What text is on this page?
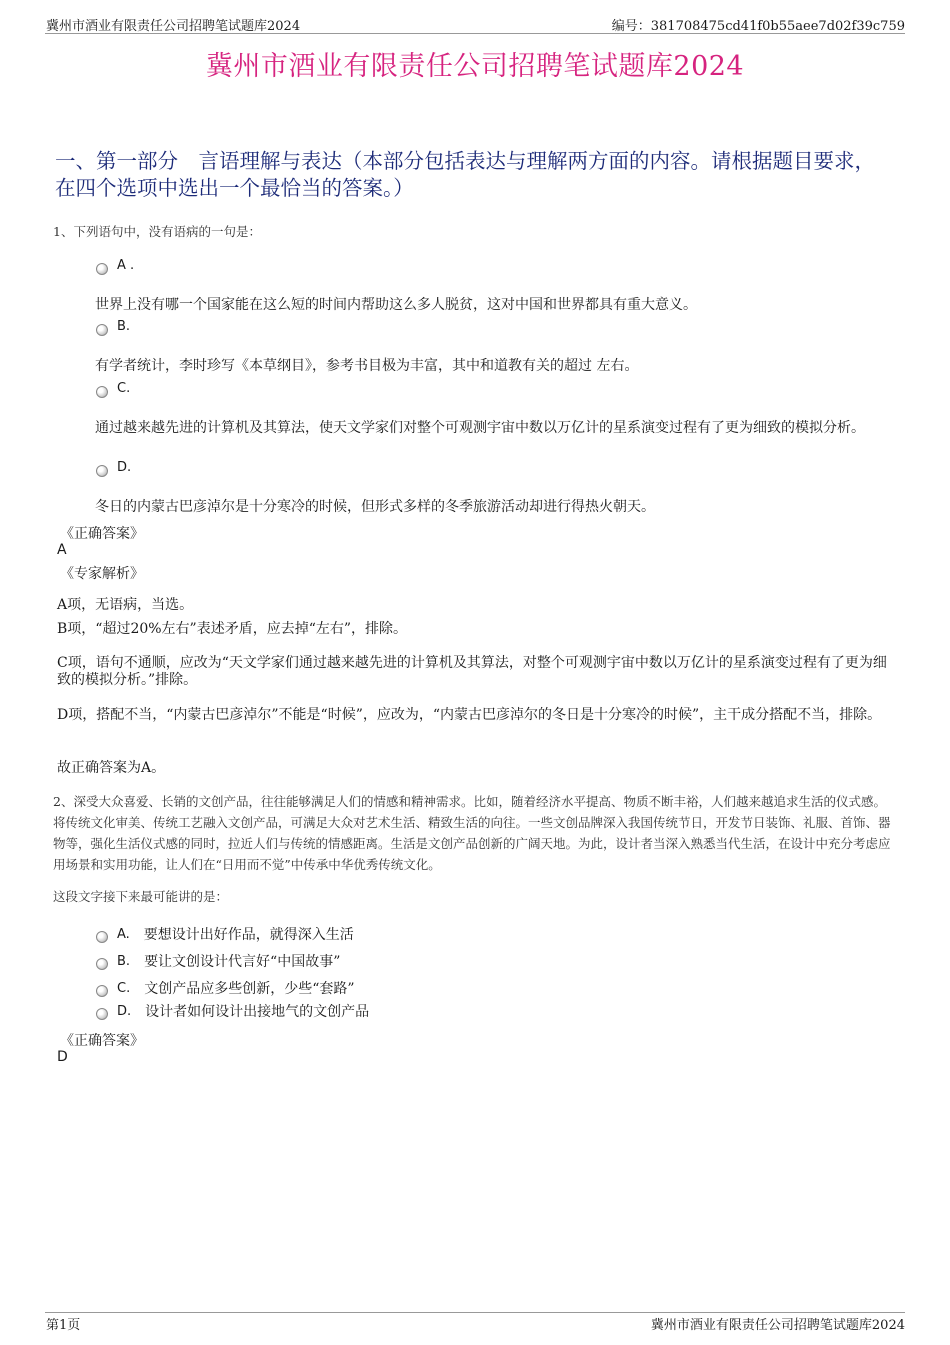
冀州市酒业有限责任公司招聘笔试题库2024	编号：381708475cd41f0b55aee7d02f39c759
冀州市酒业有限责任公司招聘笔试题库2024
一、第一部分　言语理解与表达（本部分包括表达与理解两方面的内容。请根据题目要求，在四个选项中选出一个最恰当的答案。）
1、下列语句中，没有语病的一句是：
A .
世界上没有哪一个国家能在这么短的时间内帮助这么多人脱贫，这对中国和世界都具有重大意义。
B.
有学者统计，李时珍写《本草纲目》，参考书目极为丰富，其中和道教有关的超过 左右。
C.
通过越来越先进的计算机及其算法，使天文学家们对整个可观测宇宙中数以万亿计的星系演变过程有了更为细致的模拟分析。
D.
冬日的内蒙古巴彦淖尔是十分寒冷的时候，但形式多样的冬季旅游活动却进行得热火朝天。
《正确答案》
A
《专家解析》
A项，无语病，当选。
B项，“超过20%左右”表述矛盾，应去掉“左右”，排除。
C项，语句不通顺，应改为“天文学家们通过越来越先进的计算机及其算法，对整个可观测宇宙中数以万亿计的星系演变过程有了更为细致的模拟分析。”排除。
D项，搭配不当，“内蒙古巴彦淖尔”不能是“时候”，应改为，“内蒙古巴彦淖尔的冬日是十分寒冷的时候”，主干成分搭配不当，排除。
故正确答案为A。
2、深受大众喜爱、长销的文创产品，往往能够满足人们的情感和精神需求。比如，随着经济水平提高、物质不断丰裕，人们越来越追求生活的仪式感。将传统文化审美、传统工艺融入文创产品，可满足大众对艺术生活、精致生活的向往。一些文创品牌深入我国传统节日，开发节日装饰、礼服、首饰、器物等，强化生活仪式感的同时，拉近人们与传统的情感距离。生活是文创产品创新的广阔天地。为此，设计者当深入熟悉当代生活，在设计中充分考虑应用场景和实用功能，让人们在“日用而不觉”中传承中华优秀传统文化。
这段文字接下来最可能讲的是：
A. 要想设计出好作品，就得深入生活
B. 要让文创设计代言好“中国故事”
C. 文创产品应多些创新，少些“套路”
D. 设计者如何设计出接地气的文创产品
《正确答案》
D
第1页	冀州市酒业有限责任公司招聘笔试题库2024
